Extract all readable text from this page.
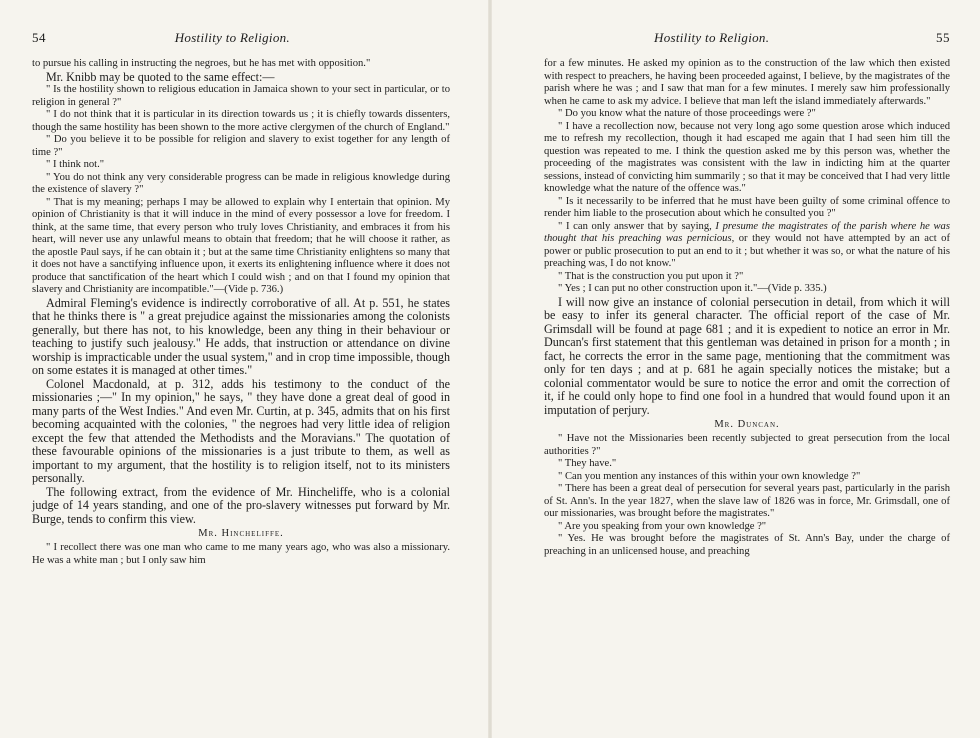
54	Hostility to Religion.

to pursue his calling in instructing the negroes, but he has met with opposition."

Mr. Knibb may be quoted to the same effect:—

" Is the hostility shown to religious education in Jamaica shown to your sect in particular, or to religion in general ?"

" I do not think that it is particular in its direction towards us ; it is chiefly towards dissenters, though the same hostility has been shown to the more active clergymen of the church of England."

" Do you believe it to be possible for religion and slavery to exist together for any length of time ?"

" I think not."

" You do not think any very considerable progress can be made in religious knowledge during the existence of slavery ?"

" That is my meaning; perhaps I may be allowed to explain why I entertain that opinion. My opinion of Christianity is that it will induce in the mind of every possessor a love for freedom. I think, at the same time, that every person who truly loves Christianity, and embraces it from his heart, will never use any unlawful means to obtain that freedom; that he will choose it rather, as the apostle Paul says, if he can obtain it ; but at the same time Christianity enlightens so many that it does not have a sanctifying influence upon, it exerts its enlightening influence where it does not produce that sanctification of the heart which I could wish ; and on that I found my opinion that slavery and Christianity are incompatible."—(Vide p. 736.)

Admiral Fleming's evidence is indirectly corroborative of all. At p. 551, he states that he thinks there is " a great prejudice against the missionaries among the colonists generally, but there has not, to his knowledge, been any thing in their behaviour or teaching to justify such jealousy." He adds, that instruction or attendance on divine worship is impracticable under the usual system," and in crop time impossible, though on some estates it is managed at other times."

Colonel Macdonald, at p. 312, adds his testimony to the conduct of the missionaries ;—" In my opinion," he says, " they have done a great deal of good in many parts of the West Indies." And even Mr. Curtin, at p. 345, admits that on his first becoming acquainted with the colonies, " the negroes had very little idea of religion except the few that attended the Methodists and the Moravians." The quotation of these favourable opinions of the missionaries is a just tribute to them, as well as important to my argument, that the hostility is to religion itself, not to its ministers personally.

The following extract, from the evidence of Mr. Hincheliffe, who is a colonial judge of 14 years standing, and one of the pro-slavery witnesses put forward by Mr. Burge, tends to confirm this view.

Mr. Hincheliffe.

" I recollect there was one man who came to me many years ago, who was also a missionary. He was a white man ; but I only saw him

Hostility to Religion.	55

for a few minutes. He asked my opinion as to the construction of the law which then existed with respect to preachers, he having been proceeded against, I believe, by the magistrates of the parish where he was ; and I saw that man for a few minutes. I merely saw him professionally when he came to ask my advice. I believe that man left the island immediately afterwards."

" Do you know what the nature of those proceedings were ?"

" I have a recollection now, because not very long ago some question arose which induced me to refresh my recollection, though it had escaped me again that I had seen him till the question was repeated to me. I think the question asked me by this person was, whether the proceeding of the magistrates was consistent with the law in indicting him at the quarter sessions, instead of convicting him summarily ; so that it may be conceived that I had very little knowledge what the nature of the offence was."

" Is it necessarily to be inferred that he must have been guilty of some criminal offence to render him liable to the prosecution about which he consulted you ?"

" I can only answer that by saying, I presume the magistrates of the parish where he was thought that his preaching was pernicious, or they would not have attempted by an act of power or public prosecution to put an end to it ; but whether it was so, or what the nature of his preaching was, I do not know."

" That is the construction you put upon it ?"

" Yes ; I can put no other construction upon it."—(Vide p. 335.)

I will now give an instance of colonial persecution in detail, from which it will be easy to infer its general character. The official report of the case of Mr. Grimsdall will be found at page 681 ; and it is expedient to notice an error in Mr. Duncan's first statement that this gentleman was detained in prison for a month ; in fact, he corrects the error in the same page, mentioning that the commitment was only for ten days ; and at p. 681 he again specially notices the mistake; but a colonial commentator would be sure to notice the error and omit the correction of it, if he could only hope to find one fool in a hundred that would found upon it an imputation of perjury.

Mr. Duncan.

" Have not the Missionaries been recently subjected to great persecution from the local authorities ?"

" They have."

" Can you mention any instances of this within your own knowledge ?"

" There has been a great deal of persecution for several years past, particularly in the parish of St. Ann's. In the year 1827, when the slave law of 1826 was in force, Mr. Grimsdall, one of our missionaries, was brought before the magistrates."

" Are you speaking from your own knowledge ?"

" Yes. He was brought before the magistrates of St. Ann's Bay, under the charge of preaching in an unlicensed house, and preaching
